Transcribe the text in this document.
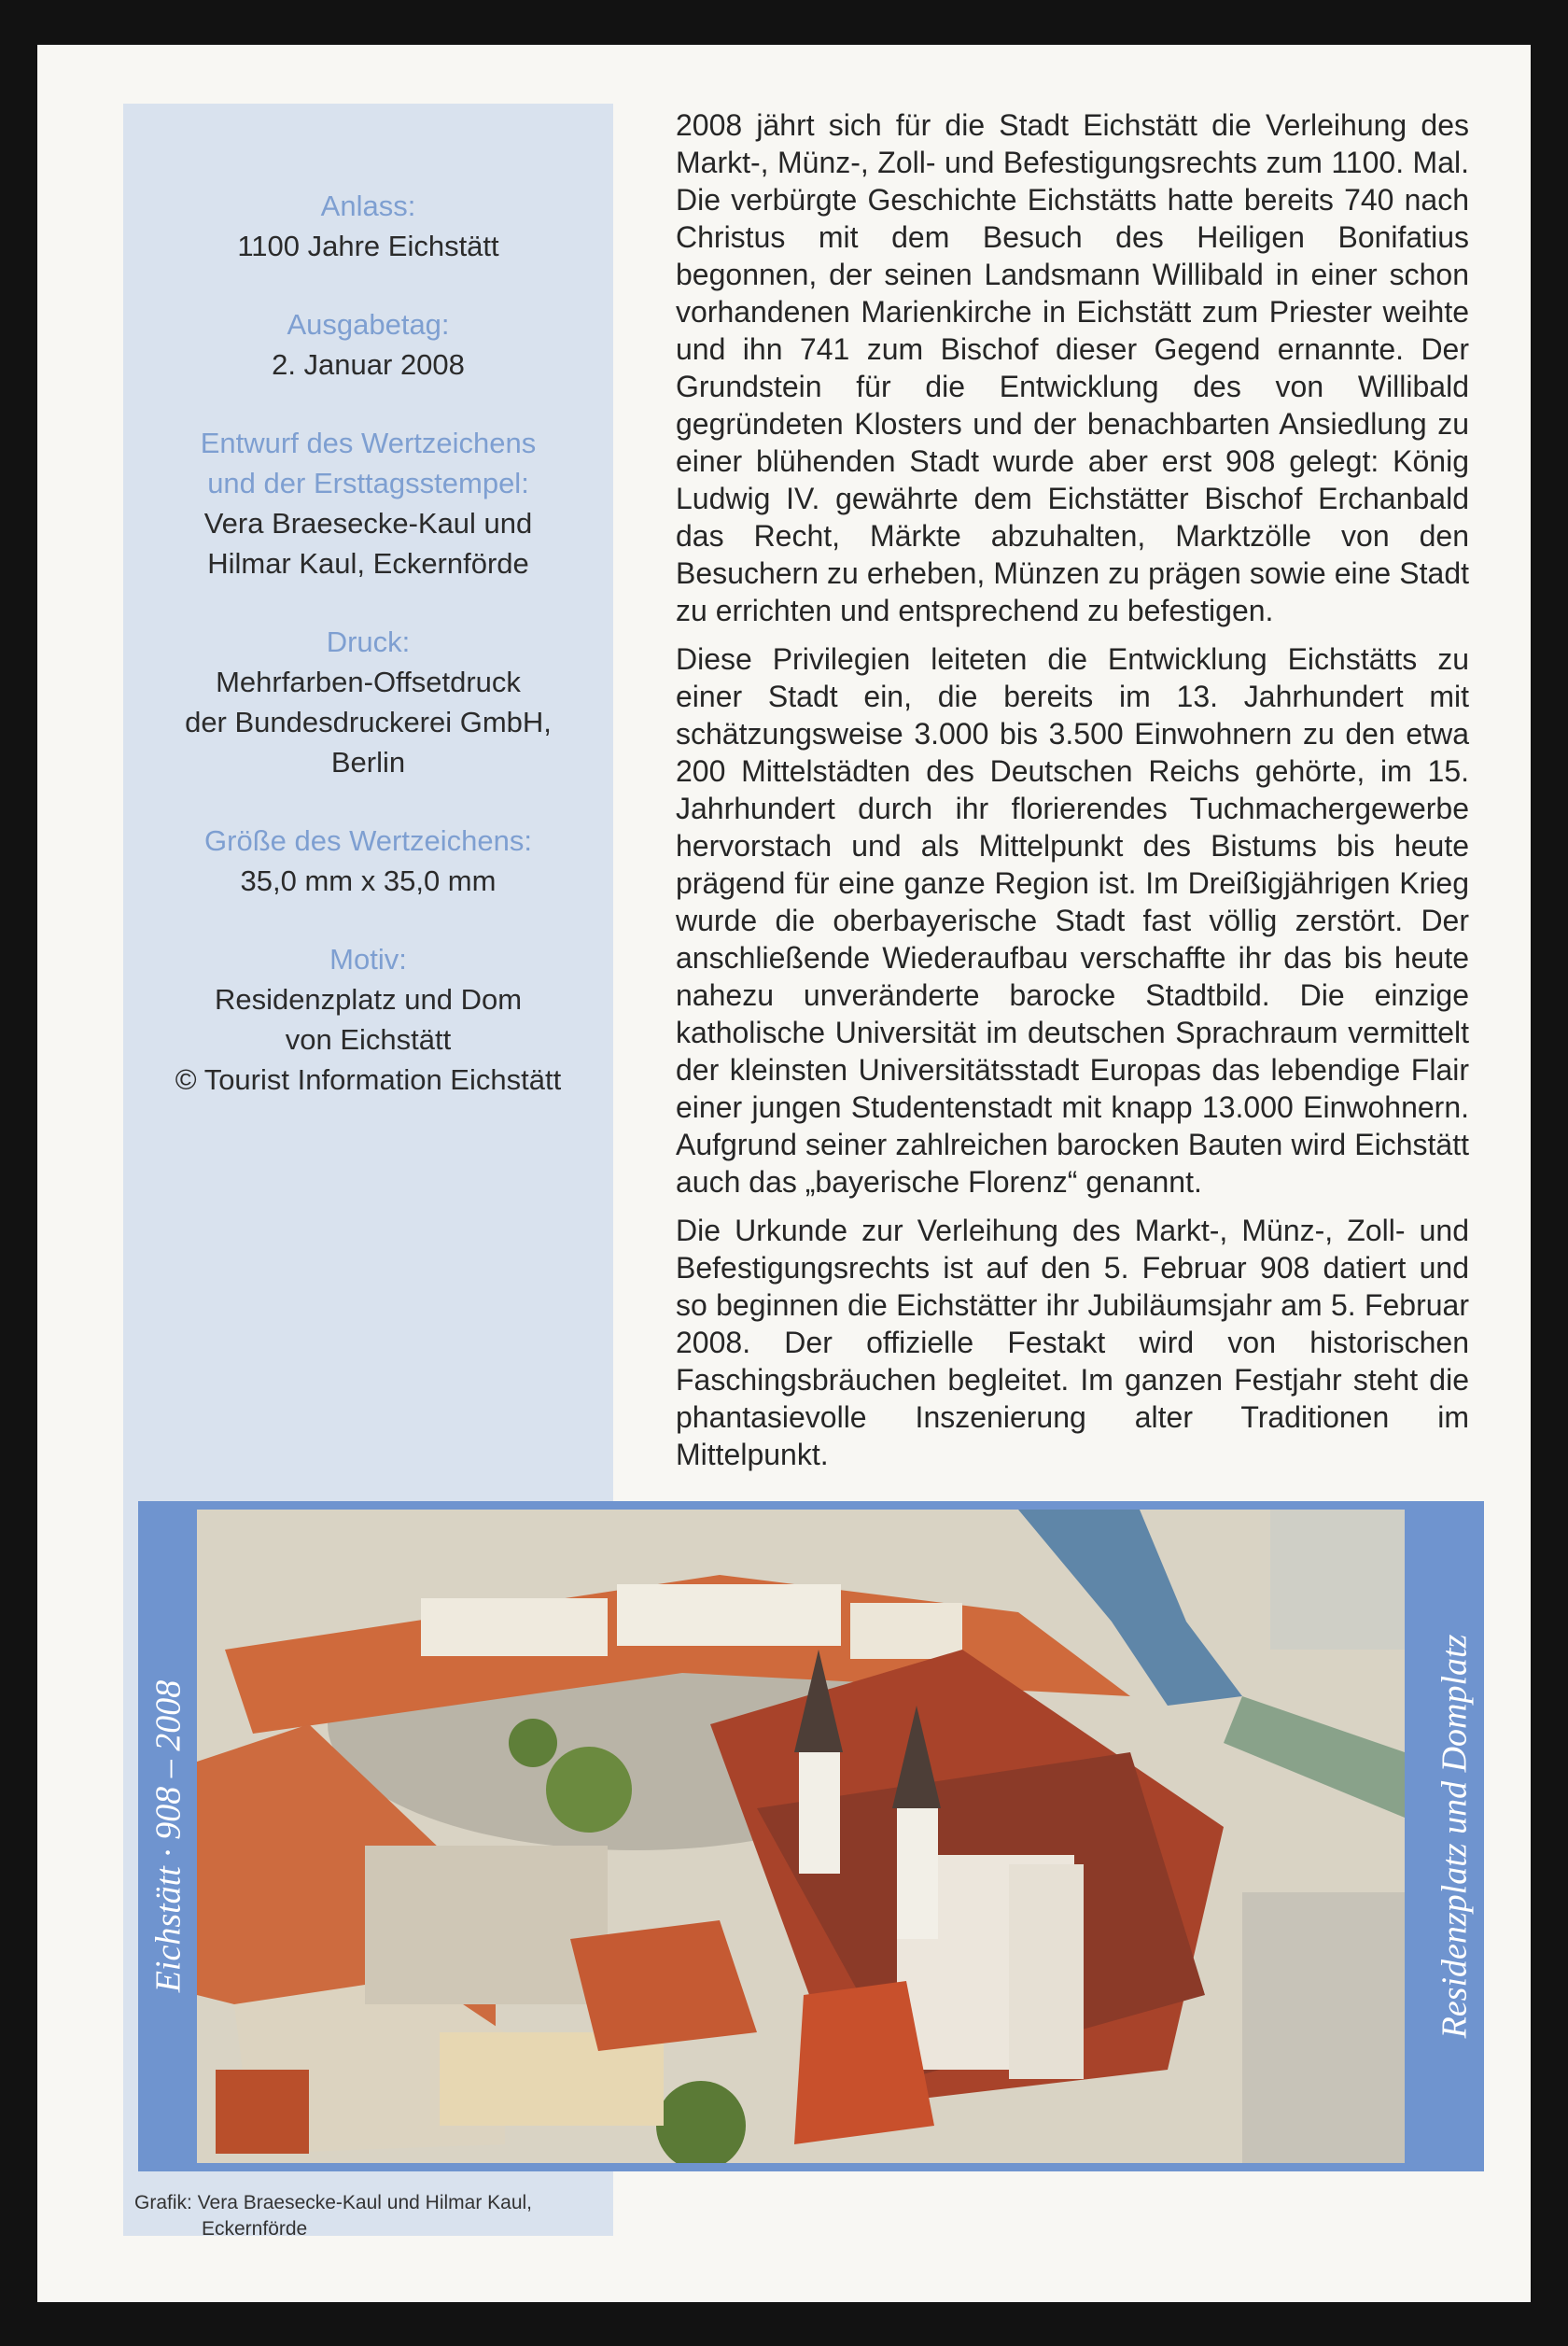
Anlass:
1100 Jahre Eichstätt
Ausgabetag:
2. Januar 2008
Entwurf des Wertzeichens
und der Ersttagsstempel:
Vera Braesecke-Kaul und
Hilmar Kaul, Eckernförde
Druck:
Mehrfarben-Offsetdruck
der Bundesdruckerei GmbH,
Berlin
Größe des Wertzeichens:
35,0 mm x 35,0 mm
Motiv:
Residenzplatz und Dom
von Eichstätt
© Tourist Information Eichstätt

2008 jährt sich für die Stadt Eichstätt die Verleihung des Markt-, Münz-, Zoll- und Befestigungsrechts zum 1100. Mal. Die verbürgte Geschichte Eichstätts hatte bereits 740 nach Christus mit dem Besuch des Heiligen Bonifatius begonnen, der seinen Landsmann Willibald in einer schon vorhandenen Marienkirche in Eichstätt zum Priester weihte und ihn 741 zum Bischof dieser Gegend ernannte. Der Grundstein für die Entwicklung des von Willibald gegründeten Klosters und der benachbarten Ansiedlung zu einer blühenden Stadt wurde aber erst 908 gelegt: König Ludwig IV. gewährte dem Eichstätter Bischof Erchanbald das Recht, Märkte abzuhalten, Marktzölle von den Besuchern zu erheben, Münzen zu prägen sowie eine Stadt zu errichten und entsprechend zu befestigen.

Diese Privilegien leiteten die Entwicklung Eichstätts zu einer Stadt ein, die bereits im 13. Jahrhundert mit schätzungsweise 3.000 bis 3.500 Einwohnern zu den etwa 200 Mittelstädten des Deutschen Reichs gehörte, im 15. Jahrhundert durch ihr florierendes Tuchmachergewerbe hervorstach und als Mittelpunkt des Bistums bis heute prägend für eine ganze Region ist. Im Dreißigjährigen Krieg wurde die oberbayerische Stadt fast völlig zerstört. Der anschließende Wiederaufbau verschaffte ihr das bis heute nahezu unveränderte barocke Stadtbild. Die einzige katholische Universität im deutschen Sprachraum vermittelt der kleinsten Universitätsstadt Europas das lebendige Flair einer jungen Studentenstadt mit knapp 13.000 Einwohnern. Aufgrund seiner zahlreichen barocken Bauten wird Eichstätt auch das „bayerische Florenz“ genannt.

Die Urkunde zur Verleihung des Markt-, Münz-, Zoll- und Befestigungsrechts ist auf den 5. Februar 908 datiert und so beginnen die Eichstätter ihr Jubiläumsjahr am 5. Februar 2008. Der offizielle Festakt wird von historischen Faschingsbräuchen begleitet. Im ganzen Festjahr steht die phantasievolle Inszenierung alter Traditionen im Mittelpunkt.

Eichstätt · 908 – 2008	Residenzplatz und Domplatz
Grafik: Vera Braesecke-Kaul und Hilmar Kaul,
Eckernförde
